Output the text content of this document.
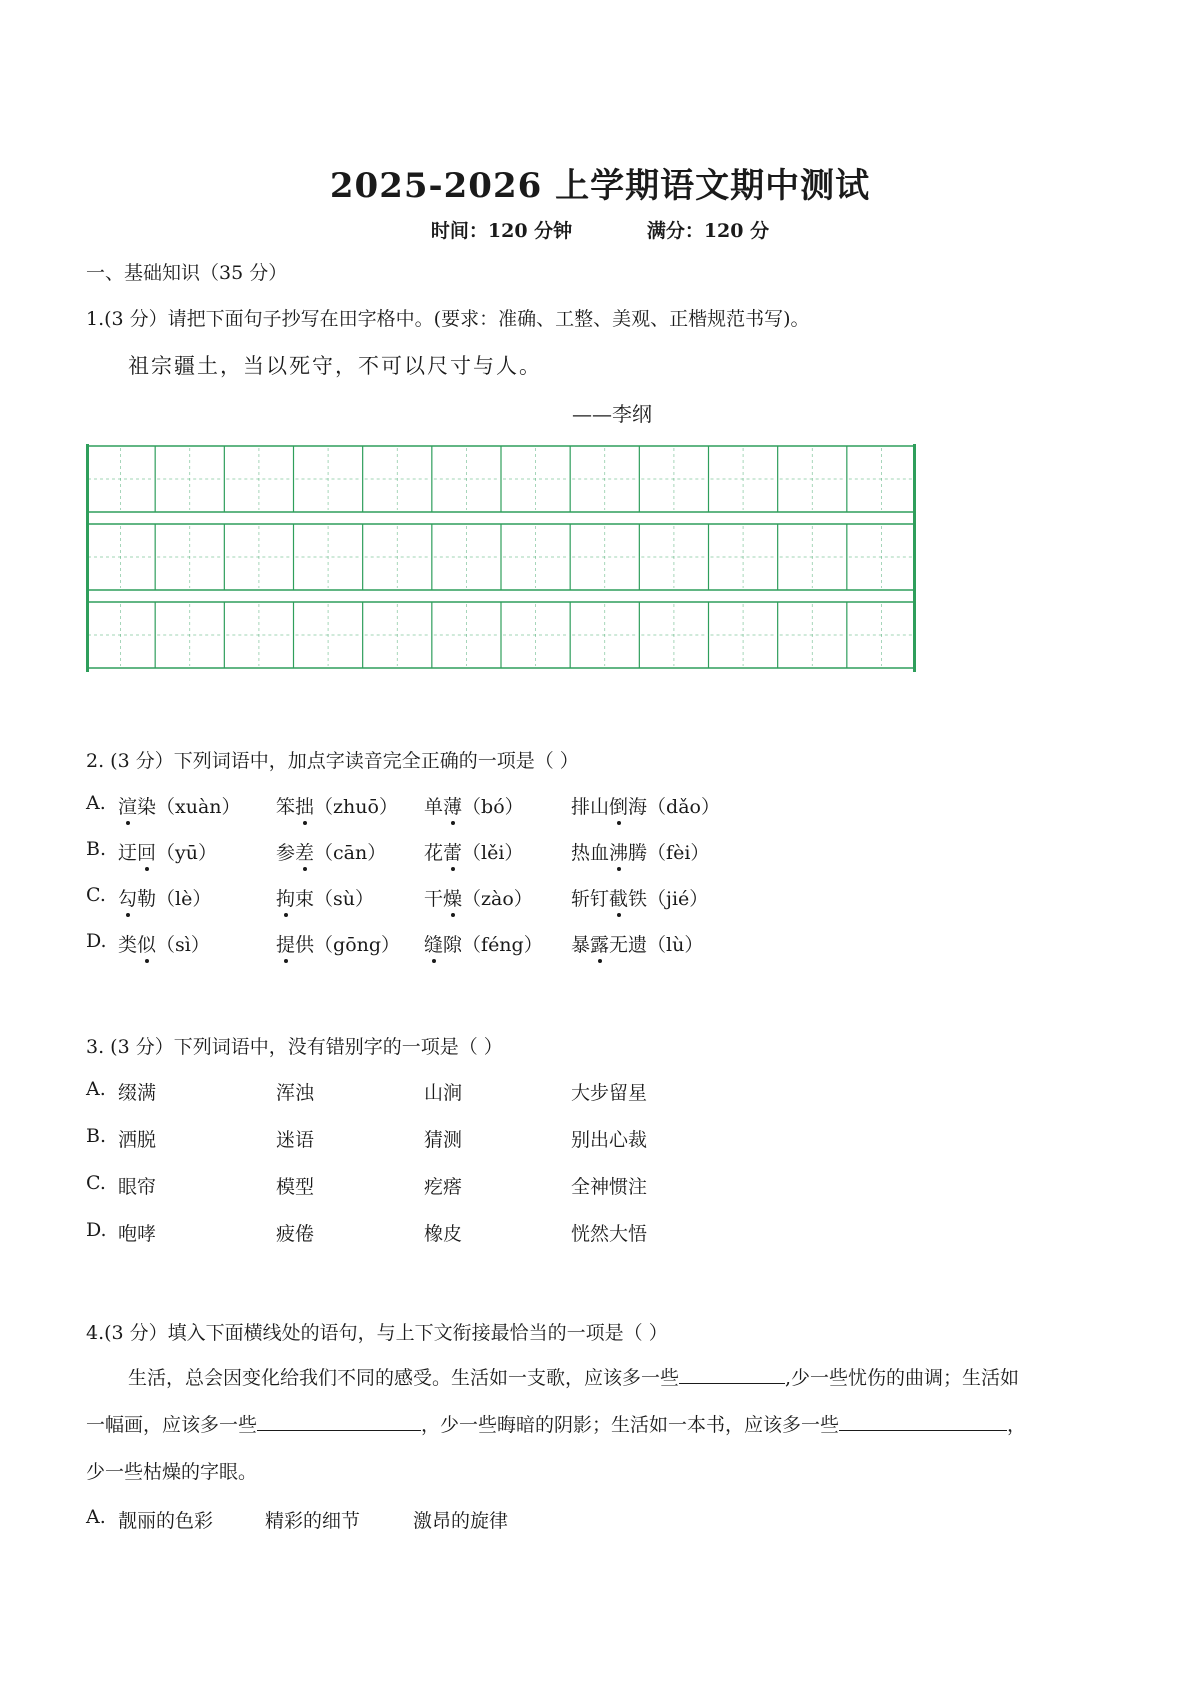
2025-2026 上学期语文期中测试
时间：120 分钟	满分：120 分
一、基础知识（35 分）
1.(3 分）请把下面句子抄写在田字格中。(要求：准确、工整、美观、正楷规范书写)。
祖宗疆土，当以死守，不可以尺寸与人。
——李纲
2. (3 分）下列词语中，加点字读音完全正确的一项是（ ）
A. 渲染（xuàn） 笨拙（zhuō） 单薄（bó） 排山倒海（dǎo）
B. 迂回（yū）	参差（cān） 花蕾（lěi）	热血沸腾（fèi）
C. 勾勒（lè）	拘束（sù）	干燥（zào） 斩钉截铁（jié）
D. 类似（sì）	提供（gōng） 缝隙（féng） 暴露无遗（lù）
3. (3 分）下列词语中，没有错别字的一项是（ ）
A. 缀满	浑浊	山涧	大步留星
B. 洒脱	迷语	猜测	别出心裁
C. 眼帘	模型	疙瘩	全神惯注
D. 咆哮	疲倦	橡皮	恍然大悟
4.(3 分）填入下面横线处的语句，与上下文衔接最恰当的一项是（ ）
生活，总会因变化给我们不同的感受。生活如一支歌，应该多一些	,少一些忧伤的曲调；生活如
一幅画，应该多一些	，少一些晦暗的阴影；生活如一本书，应该多一些	，
少一些枯燥的字眼。
A. 靓丽的色彩	精彩的细节	激昂的旋律
